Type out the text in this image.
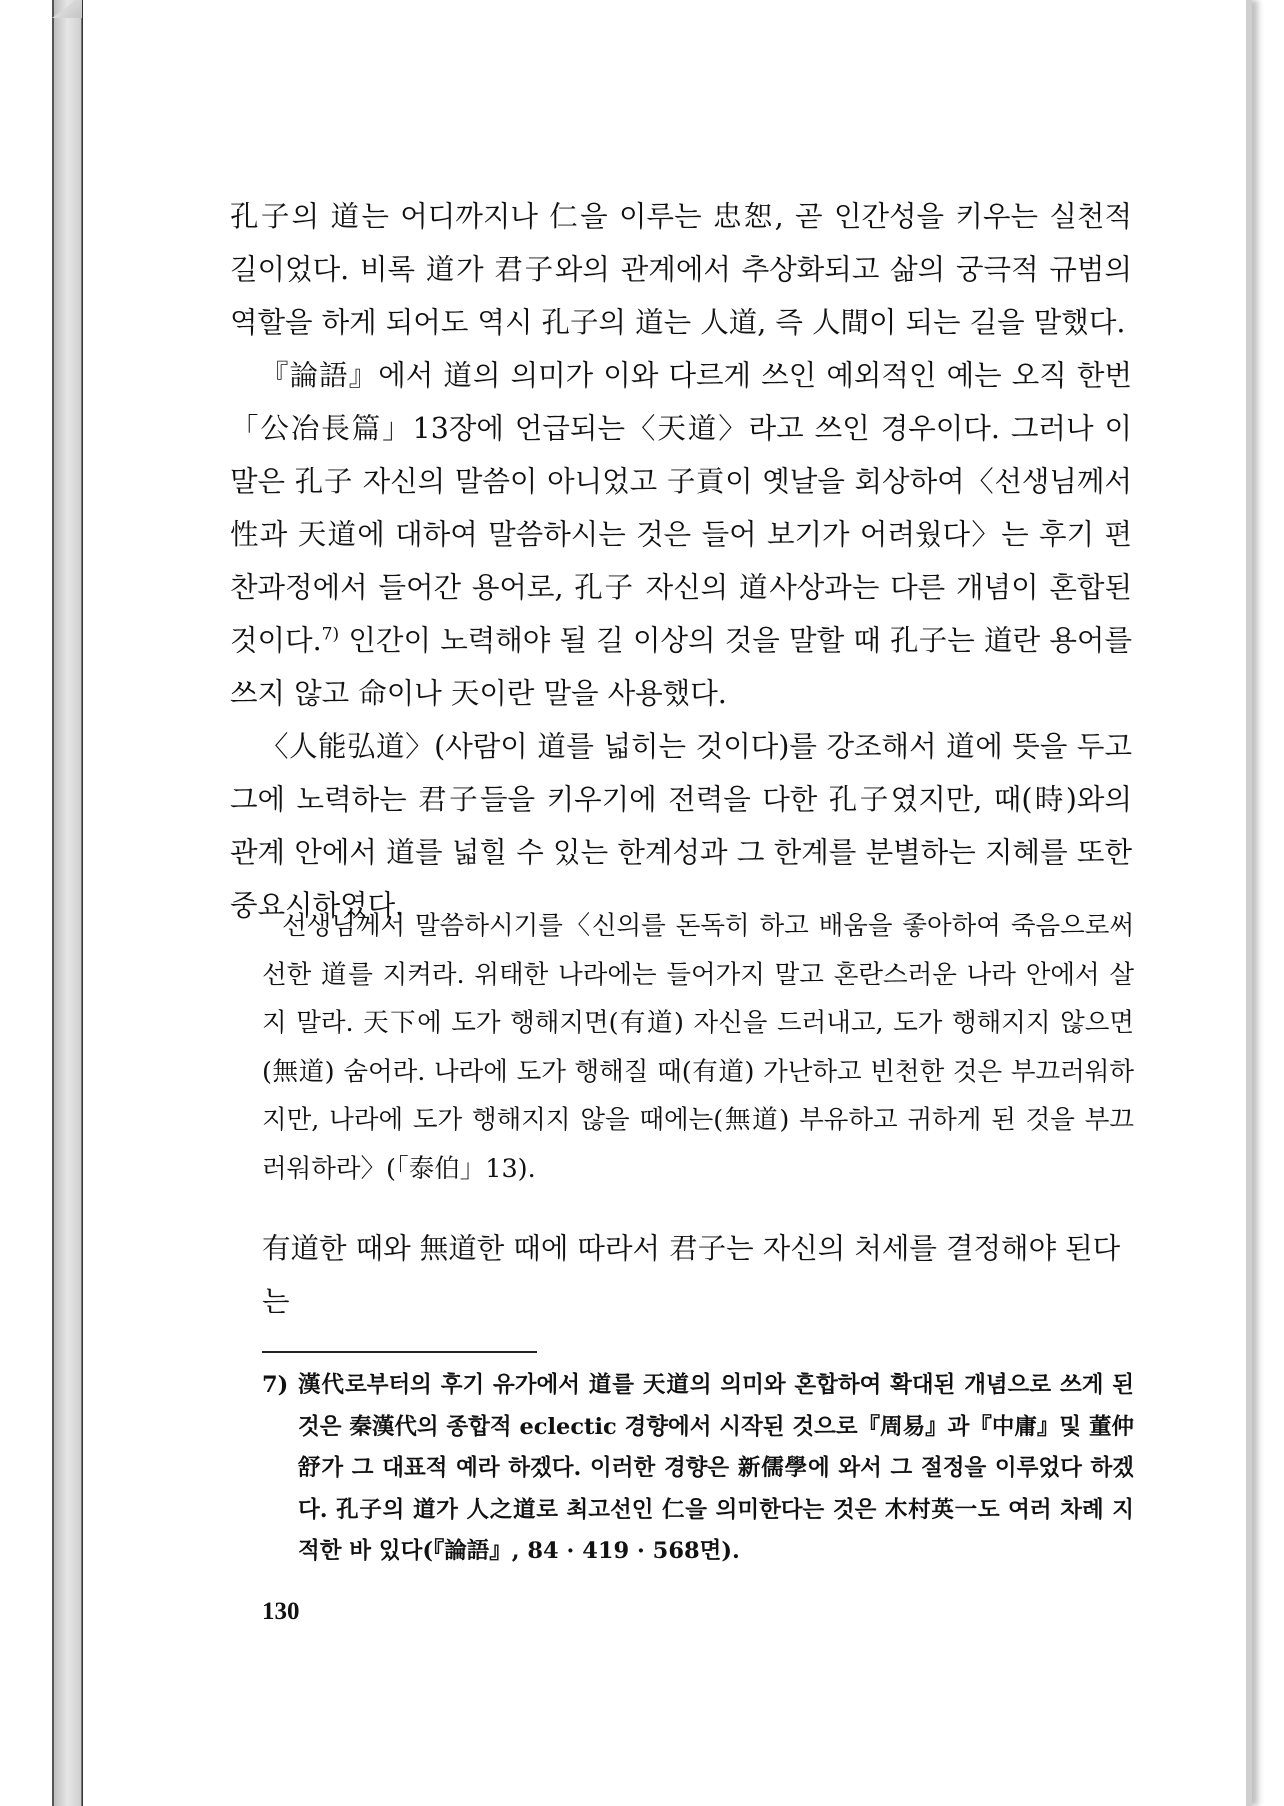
孔子의 道는 어디까지나 仁을 이루는 忠恕, 곧 인간성을 키우는 실천적 길이었다. 비록 道가 君子와의 관계에서 추상화되고 삶의 궁극적 규범의 역할을 하게 되어도 역시 孔子의 道는 人道, 즉 人間이 되는 길을 말했다.

『論語』에서 道의 의미가 이와 다르게 쓰인 예외적인 예는 오직 한번「公冶長篇」13장에 언급되는〈天道〉라고 쓰인 경우이다. 그러나 이 말은 孔子 자신의 말씀이 아니었고 子貢이 옛날을 회상하여〈선생님께서 性과 天道에 대하여 말씀하시는 것은 들어 보기가 어려웠다〉는 후기 편찬과정에서 들어간 용어로, 孔子 자신의 道사상과는 다른 개념이 혼합된 것이다.$^{7)}$ 인간이 노력해야 될 길 이상의 것을 말할 때 孔子는 道란 용어를 쓰지 않고 命이나 天이란 말을 사용했다.

〈人能弘道〉(사람이 道를 넓히는 것이다)를 강조해서 道에 뜻을 두고 그에 노력하는 君子들을 키우기에 전력을 다한 孔子였지만, 때(時)와의 관계 안에서 道를 넓힐 수 있는 한계성과 그 한계를 분별하는 지혜를 또한 중요시하였다.

선생님께서 말씀하시기를〈신의를 돈독히 하고 배움을 좋아하여 죽음으로써 선한 道를 지켜라. 위태한 나라에는 들어가지 말고 혼란스러운 나라 안에서 살지 말라. 天下에 도가 행해지면(有道) 자신을 드러내고, 도가 행해지지 않으면(無道) 숨어라. 나라에 도가 행해질 때(有道) 가난하고 빈천한 것은 부끄러워하지만, 나라에 도가 행해지지 않을 때에는(無道) 부유하고 귀하게 된 것을 부끄러워하라〉(「泰伯」13).

有道한 때와 無道한 때에 따라서 君子는 자신의 처세를 결정해야 된다는

7) 漢代로부터의 후기 유가에서 道를 天道의 의미와 혼합하여 확대된 개념으로 쓰게 된 것은 秦漢代의 종합적 eclectic 경향에서 시작된 것으로『周易』과『中庸』및 董仲舒가 그 대표적 예라 하겠다. 이러한 경향은 新儒學에 와서 그 절정을 이루었다 하겠다. 孔子의 道가 人之道로 최고선인 仁을 의미한다는 것은 木村英一도 여러 차례 지적한 바 있다(『論語』, 84 · 419 · 568면).
130
